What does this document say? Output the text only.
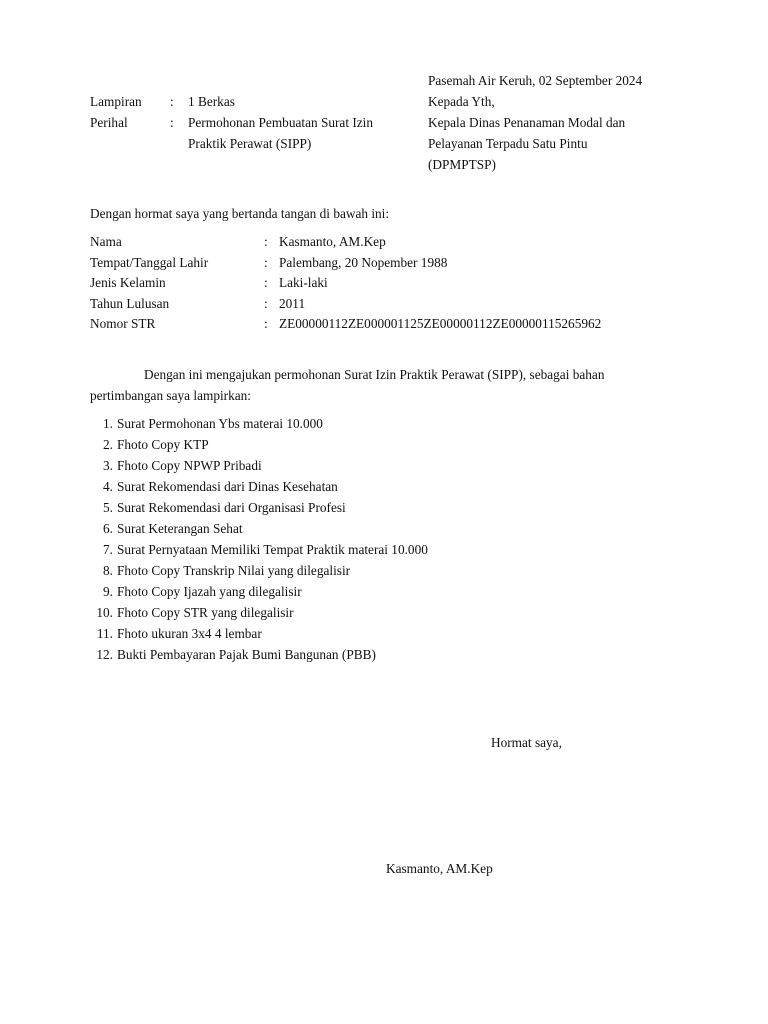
Pasemah Air Keruh, 02 September 2024
Kepada Yth,
Kepala Dinas Penanaman Modal dan
Pelayanan Terpadu Satu Pintu
(DPMPTSP)
Lampiran : 1 Berkas
Perihal	: Permohonan Pembuatan Surat Izin
Praktik Perawat (SIPP)
Dengan hormat saya yang bertanda tangan di bawah ini:
Nama	: Kasmanto, AM.Kep
Tempat/Tanggal Lahir	: Palembang, 20 Nopember 1988
Jenis Kelamin	: Laki-laki
Tahun Lulusan	: 2011
Nomor STR	: ZE00000112ZE000001125ZE00000112ZE00000115265962
Dengan ini mengajukan permohonan Surat Izin Praktik Perawat (SIPP), sebagai bahan
pertimbangan saya lampirkan:
1. Surat Permohonan Ybs materai 10.000
2. Fhoto Copy KTP
3. Fhoto Copy NPWP Pribadi
4. Surat Rekomendasi dari Dinas Kesehatan
5. Surat Rekomendasi dari Organisasi Profesi
6. Surat Keterangan Sehat
7. Surat Pernyataan Memiliki Tempat Praktik materai 10.000
8. Fhoto Copy Transkrip Nilai yang dilegalisir
9. Fhoto Copy Ijazah yang dilegalisir
10. Fhoto Copy STR yang dilegalisir
11. Fhoto ukuran 3x4 4 lembar
12. Bukti Pembayaran Pajak Bumi Bangunan (PBB)
Hormat saya,
Kasmanto, AM.Kep
